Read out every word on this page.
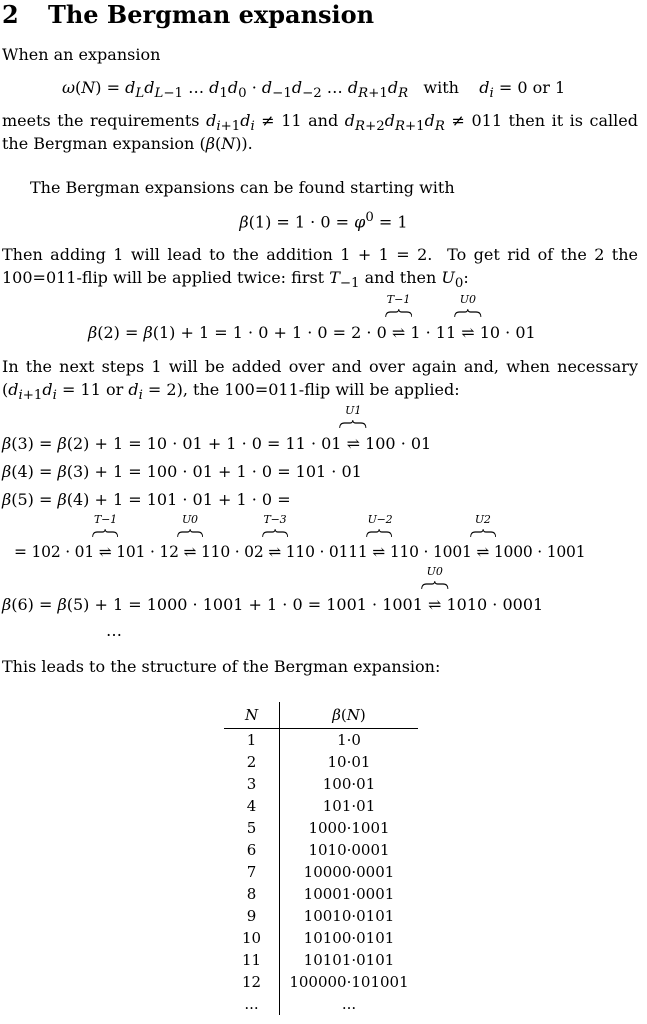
2 The Bergman expansion
When an expansion
$\omega(N) = d_Ld_{L-1}$ … $d_1d_0 \cdot d_{-1}d_{-2}$ … $d_{R+1}d_R$   with    $d_i = 0$ or 1
meets the requirements $d_{i+1}d_i \ne 11$ and $d_{R+2}d_{R+1}d_R \ne 011$ then it is called
the Bergman expansion (β(N)).
The Bergman expansions can be found starting with
$\beta(1) = 1 \cdot 0 = \varphi^0 = 1$
Then adding 1 will lead to the addition 1 + 1 = 2.  To get rid of the 2 the
100=011-flip will be applied twice: first $T_{-1}$ and then $U_0$:
β(2) = β(1) + 1 = 1 · 0 + 1 · 0 = 2 · 0
T−1
⇌ 1 · 11
U0
⇌ 10 · 01
In the next steps 1 will be added over and over again and, when necessary
($d_{i+1}d_i = 11$ or $d_i = 2$), the 100=011-flip will be applied:
β(3) = β(2) + 1 = 10 · 01 + 1 · 0 = 11 · 01
U1
⇌ 100 · 01
β(4) = β(3) + 1 = 100 · 01 + 1 · 0 = 101 · 01
β(5) = β(4) + 1 = 101 · 01 + 1 · 0 =
= 102 · 01
T−1
⇌ 101 · 12
U0
⇌ 110 · 02
T−3
⇌ 110 · 0111
U−2
⇌ 110 · 1001
U2
⇌ 1000 · 1001
β(6) = β(5) + 1 = 1000 · 1001 + 1 · 0 = 1001 · 1001
U0
⇌ 1010 · 0001
…
This leads to the structure of the Bergman expansion:
N	β(N)
1	1·0
2	10·01
3	100·01
4	101·01
5	1000·1001
6	1010·0001
7	10000·0001
8	10001·0001
9	10010·0101
10	10100·0101
11	10101·0101
12	100000·101001
...	...
